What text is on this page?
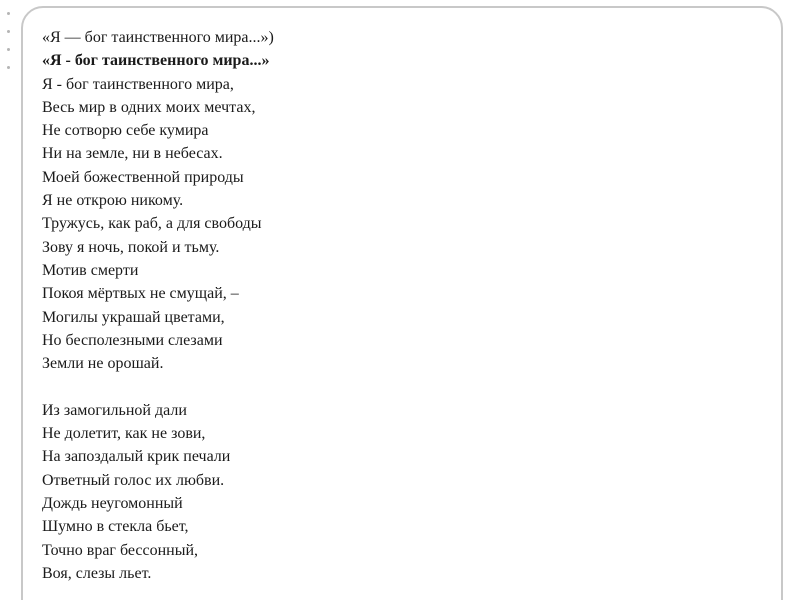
«Я — бог таинственного мира...»)
«Я - бог таинственного мира...»
Я - бог таинственного мира,
Весь мир в одних моих мечтах,
Не сотворю себе кумира
Ни на земле, ни в небесах.
Моей божественной природы
Я не открою никому.
Тружусь, как раб, а для свободы
Зову я ночь, покой и тьму.
Мотив смерти
Покоя мёртвых не смущай, –
Могилы украшай цветами,
Но бесполезными слезами
Земли не орошай.
Из замогильной дали
Не долетит, как не зови,
На запоздалый крик печали
Ответный голос их любви.
Дождь неугомонный
Шумно в стекла бьет,
Точно враг бессонный,
Воя, слезы льет.
